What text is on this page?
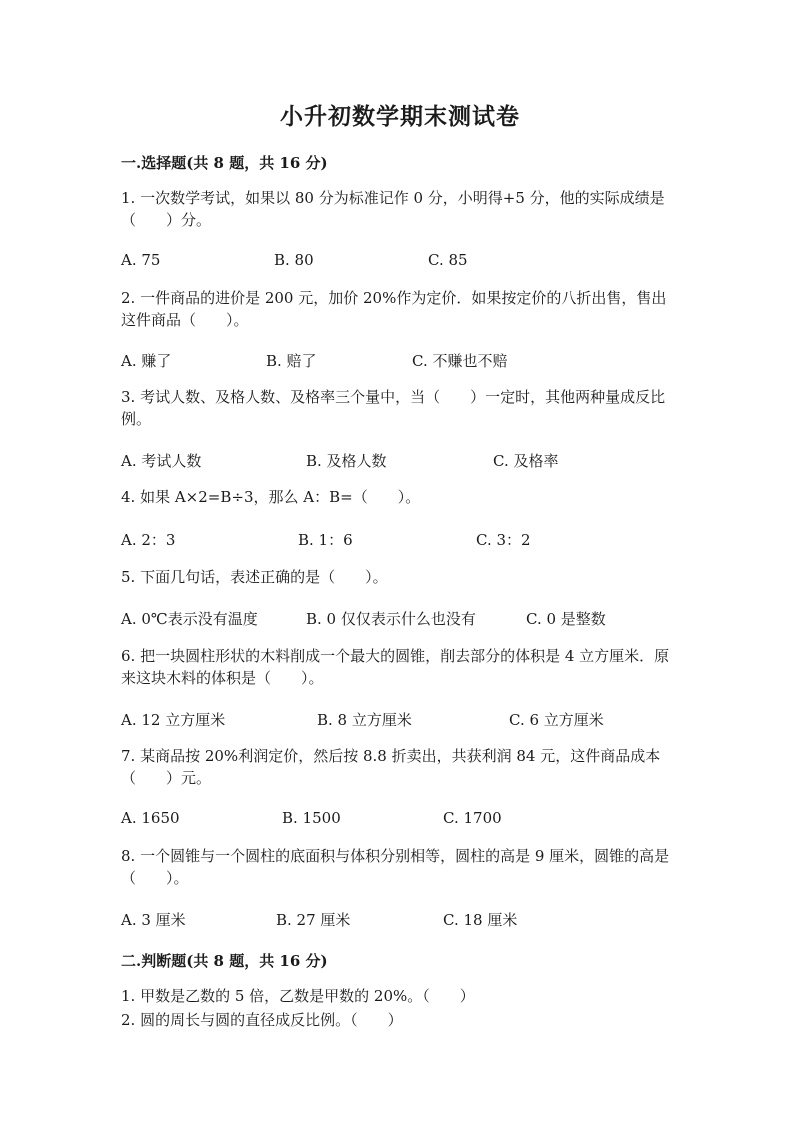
小升初数学期末测试卷
一.选择题(共 8 题，共 16 分)
1. 一次数学考试，如果以 80 分为标准记作 0 分，小明得+5 分，他的实际成绩是（　　）分。
A. 75	B. 80	C. 85
2. 一件商品的进价是 200 元，加价 20%作为定价．如果按定价的八折出售，售出这件商品（　　）。
A. 赚了	B. 赔了	C. 不赚也不赔
3. 考试人数、及格人数、及格率三个量中，当（　　）一定时，其他两种量成反比例。
A. 考试人数	B. 及格人数	C. 及格率
4. 如果 A×2=B÷3，那么 A：B=（　　）。
A. 2：3	B. 1：6	C. 3：2
5. 下面几句话，表述正确的是（　　）。
A. 0℃表示没有温度	B. 0 仅仅表示什么也没有	C. 0 是整数
6. 把一块圆柱形状的木料削成一个最大的圆锥，削去部分的体积是 4 立方厘米．原来这块木料的体积是（　　）。
A. 12 立方厘米	B. 8 立方厘米	C. 6 立方厘米
7. 某商品按 20%利润定价，然后按 8.8 折卖出，共获利润 84 元，这件商品成本（　　）元。
A. 1650	B. 1500	C. 1700
8. 一个圆锥与一个圆柱的底面积与体积分别相等，圆柱的高是 9 厘米，圆锥的高是（　　）。
A. 3 厘米	B. 27 厘米	C. 18 厘米
二.判断题(共 8 题，共 16 分)
1. 甲数是乙数的 5 倍，乙数是甲数的 20%。（　　）
2. 圆的周长与圆的直径成反比例。（　　）
